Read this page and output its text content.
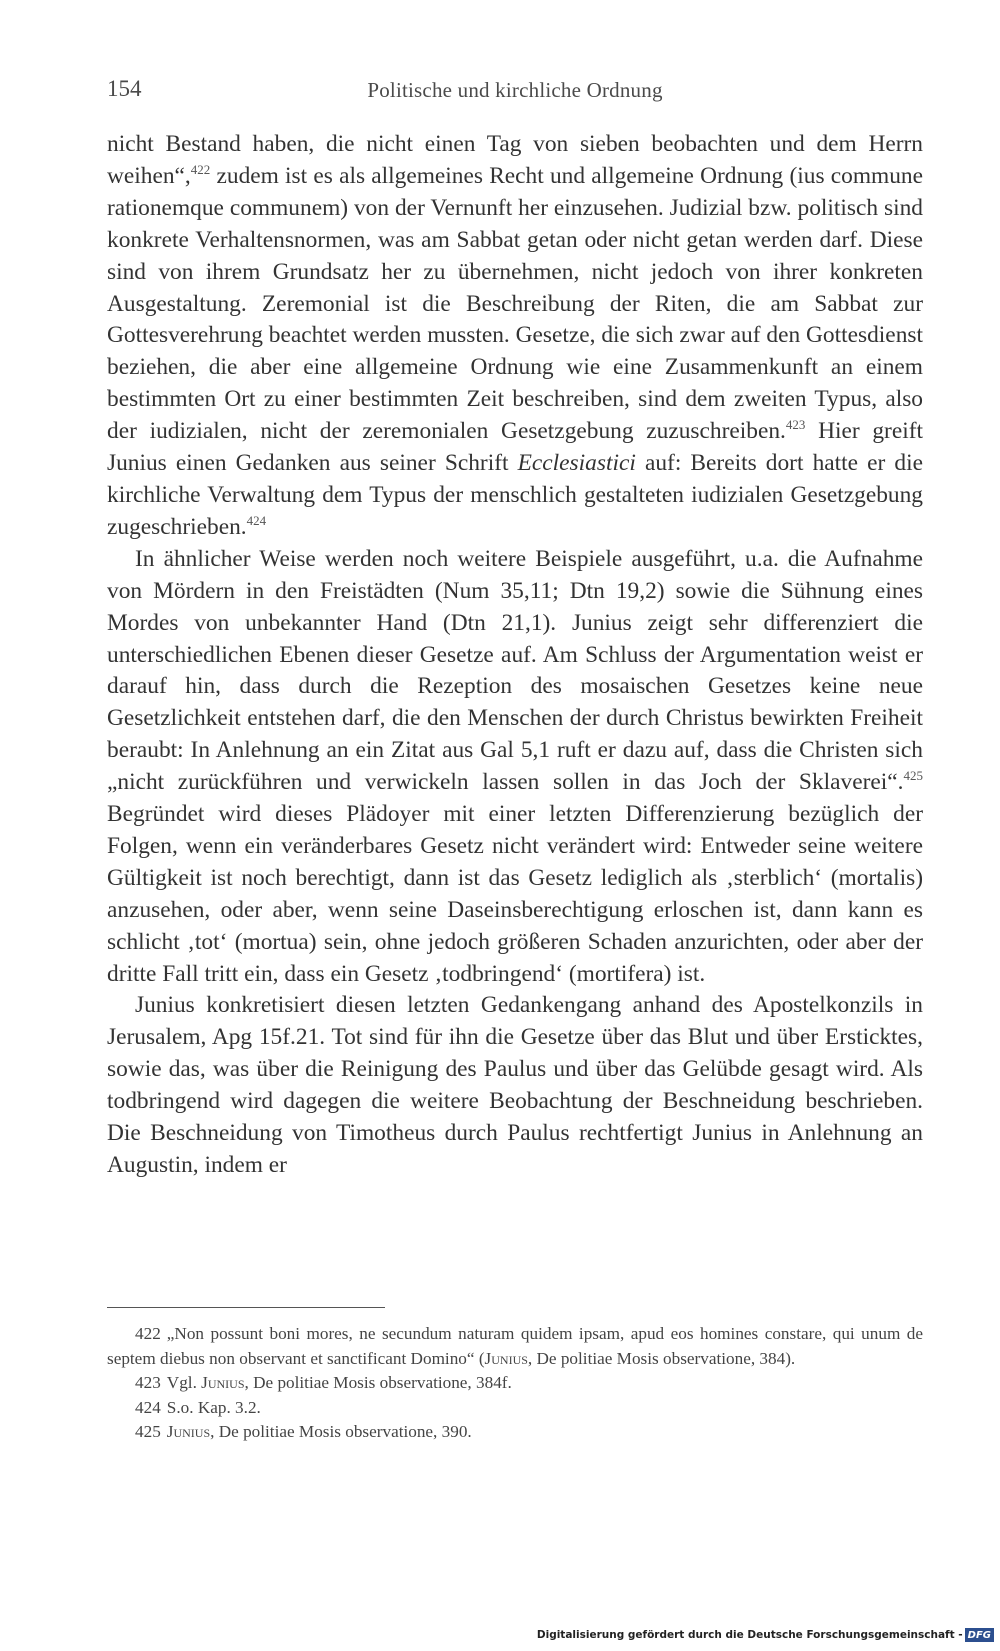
154	Politische und kirchliche Ordnung

nicht Bestand haben, die nicht einen Tag von sieben beobachten und dem Herrn weihen“,$^{422}$ zudem ist es als allgemeines Recht und allgemeine Ordnung (ius commune rationemque communem) von der Vernunft her einzusehen. Judizial bzw. politisch sind konkrete Verhaltensnormen, was am Sabbat getan oder nicht getan werden darf. Diese sind von ihrem Grundsatz her zu übernehmen, nicht jedoch von ihrer konkreten Ausgestaltung. Zeremonial ist die Beschreibung der Riten, die am Sabbat zur Gottesverehrung beachtet werden mussten. Gesetze, die sich zwar auf den Gottesdienst beziehen, die aber eine allgemeine Ordnung wie eine Zusammenkunft an einem bestimmten Ort zu einer bestimmten Zeit beschreiben, sind dem zweiten Typus, also der iudizialen, nicht der zeremonialen Gesetzgebung zuzuschreiben.$^{423}$ Hier greift Junius einen Gedanken aus seiner Schrift Ecclesiastici auf: Bereits dort hatte er die kirchliche Verwaltung dem Typus der menschlich gestalteten iudizialen Gesetzgebung zugeschrieben.$^{424}$

In ähnlicher Weise werden noch weitere Beispiele ausgeführt, u.a. die Aufnahme von Mördern in den Freistädten (Num 35,11; Dtn 19,2) sowie die Sühnung eines Mordes von unbekannter Hand (Dtn 21,1). Junius zeigt sehr differenziert die unterschiedlichen Ebenen dieser Gesetze auf. Am Schluss der Argumentation weist er darauf hin, dass durch die Rezeption des mosaischen Gesetzes keine neue Gesetzlichkeit entstehen darf, die den Menschen der durch Christus bewirkten Freiheit beraubt: In Anlehnung an ein Zitat aus Gal 5,1 ruft er dazu auf, dass die Christen sich „nicht zurückführen und verwickeln lassen sollen in das Joch der Sklaverei“.$^{425}$ Begründet wird dieses Plädoyer mit einer letzten Differenzierung bezüglich der Folgen, wenn ein veränderbares Gesetz nicht verändert wird: Entweder seine weitere Gültigkeit ist noch berechtigt, dann ist das Gesetz lediglich als ‚sterblich‘ (mortalis) anzusehen, oder aber, wenn seine Daseinsberechtigung erloschen ist, dann kann es schlicht ‚tot‘ (mortua) sein, ohne jedoch größeren Schaden anzurichten, oder aber der dritte Fall tritt ein, dass ein Gesetz ‚todbringend‘ (mortifera) ist.

Junius konkretisiert diesen letzten Gedankengang anhand des Apostelkonzils in Jerusalem, Apg 15f.21. Tot sind für ihn die Gesetze über das Blut und über Ersticktes, sowie das, was über die Reinigung des Paulus und über das Gelübde gesagt wird. Als todbringend wird dagegen die weitere Beobachtung der Beschneidung beschrieben. Die Beschneidung von Timotheus durch Paulus rechtfertigt Junius in Anlehnung an Augustin, indem er

422 „Non possunt boni mores, ne secundum naturam quidem ipsam, apud eos homines constare, qui unum de septem diebus non observant et sanctificant Domino“ (Junius, De politiae Mosis observatione, 384).

423 Vgl. Junius, De politiae Mosis observatione, 384f.

424 S.o. Kap. 3.2.

425 Junius, De politiae Mosis observatione, 390.

Digitalisierung gefördert durch die Deutsche Forschungsgemeinschaft - DFG
